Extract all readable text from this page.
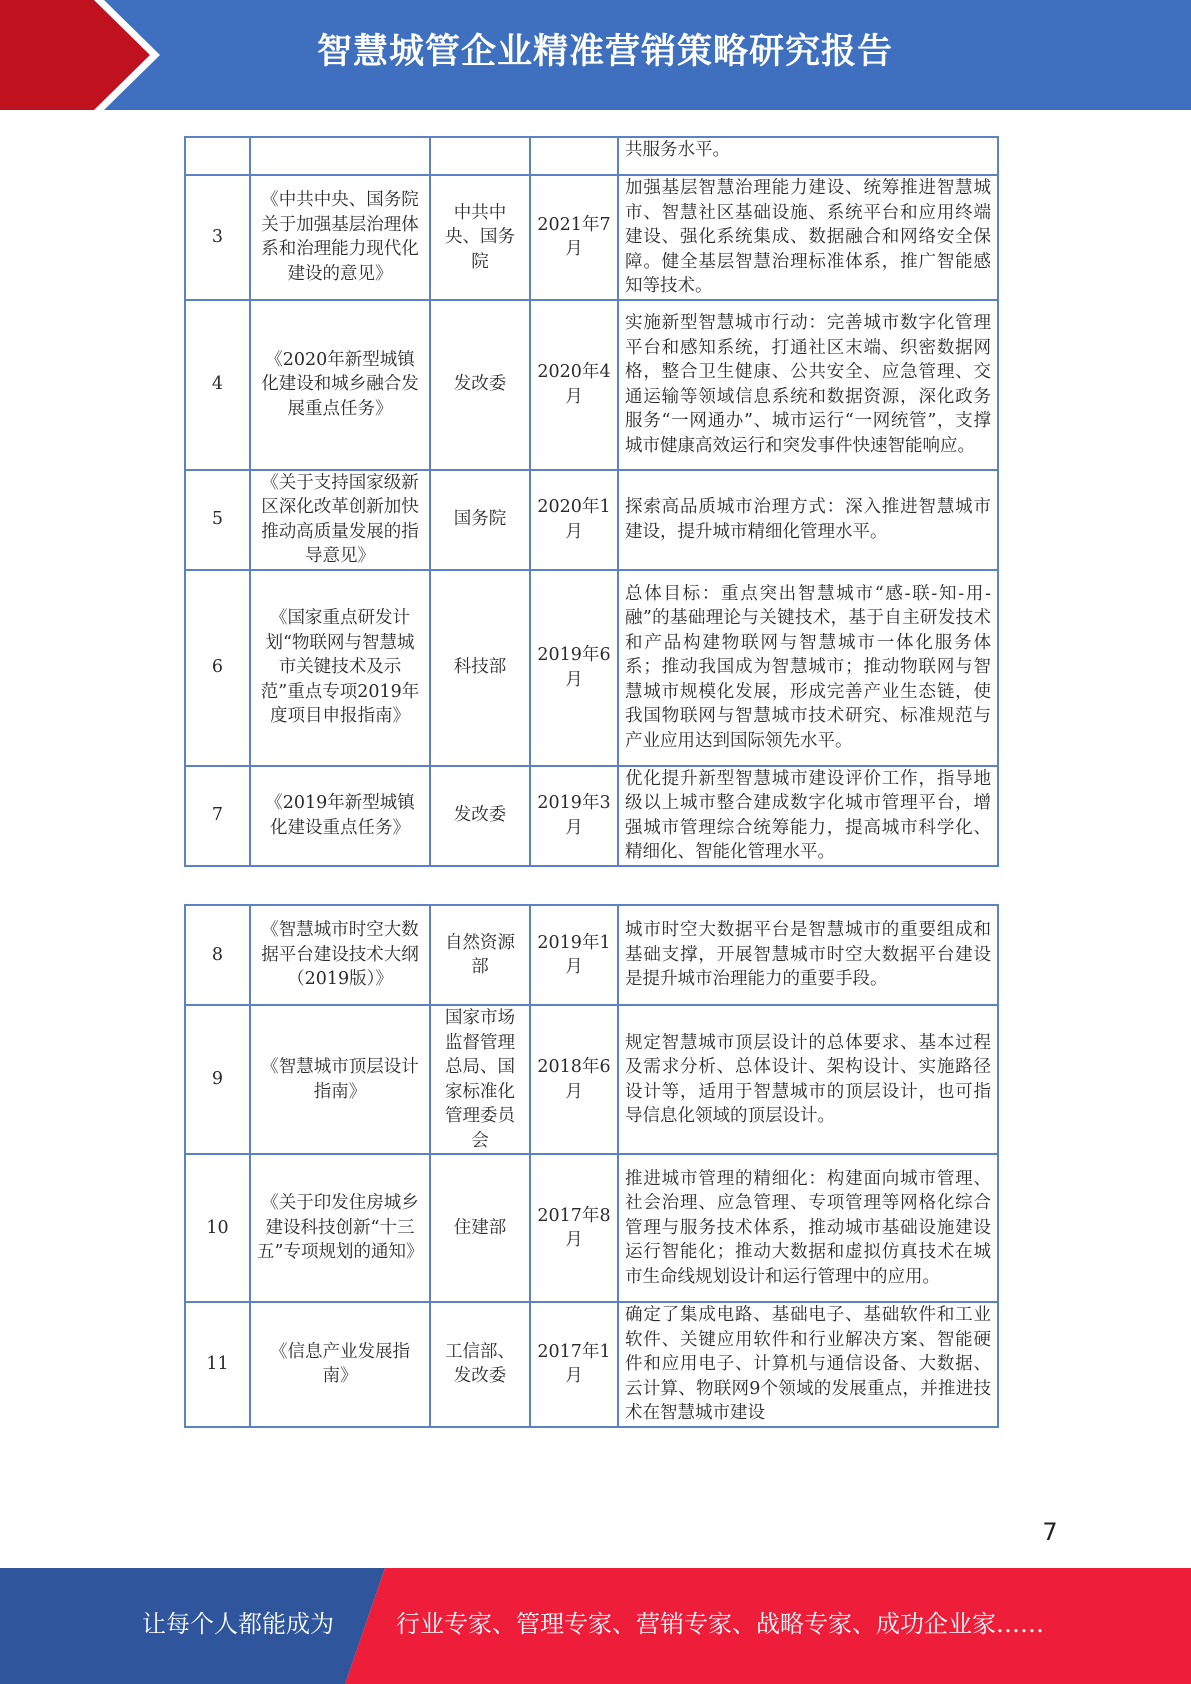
智慧城管企业精准营销策略研究报告
				共服务水平。
3	《中共中央、国务院关于加强基层治理体系和治理能力现代化建设的意见》	中共中央、国务院	2021年7月	加强基层智慧治理能力建设、统筹推进智慧城市、智慧社区基础设施、系统平台和应用终端建设、强化系统集成、数据融合和网络安全保障。健全基层智慧治理标准体系，推广智能感知等技术。
4	《2020年新型城镇化建设和城乡融合发展重点任务》	发改委	2020年4月	实施新型智慧城市行动：完善城市数字化管理平台和感知系统，打通社区末端、织密数据网格，整合卫生健康、公共安全、应急管理、交通运输等领域信息系统和数据资源，深化政务服务“一网通办”、城市运行“一网统管”，支撑城市健康高效运行和突发事件快速智能响应。
5	《关于支持国家级新区深化改革创新加快推动高质量发展的指导意见》	国务院	2020年1月	探索高品质城市治理方式：深入推进智慧城市建设，提升城市精细化管理水平。
6	《国家重点研发计划“物联网与智慧城市关键技术及示范”重点专项2019年度项目申报指南》	科技部	2019年6月	总体目标：重点突出智慧城市“感-联-知-用-融”的基础理论与关键技术，基于自主研发技术和产品构建物联网与智慧城市一体化服务体系；推动我国成为智慧城市；推动物联网与智慧城市规模化发展，形成完善产业生态链，使我国物联网与智慧城市技术研究、标准规范与产业应用达到国际领先水平。
7	《2019年新型城镇化建设重点任务》	发改委	2019年3月	优化提升新型智慧城市建设评价工作，指导地级以上城市整合建成数字化城市管理平台，增强城市管理综合统筹能力，提高城市科学化、精细化、智能化管理水平。
8	《智慧城市时空大数据平台建设技术大纲（2019版）》	自然资源部	2019年1月	城市时空大数据平台是智慧城市的重要组成和基础支撑，开展智慧城市时空大数据平台建设是提升城市治理能力的重要手段。
9	《智慧城市顶层设计指南》	国家市场监督管理总局、国家标准化管理委员会	2018年6月	规定智慧城市顶层设计的总体要求、基本过程及需求分析、总体设计、架构设计、实施路径设计等，适用于智慧城市的顶层设计，也可指导信息化领域的顶层设计。
10	《关于印发住房城乡建设科技创新“十三五”专项规划的通知》	住建部	2017年8月	推进城市管理的精细化：构建面向城市管理、社会治理、应急管理、专项管理等网格化综合管理与服务技术体系，推动城市基础设施建设运行智能化；推动大数据和虚拟仿真技术在城市生命线规划设计和运行管理中的应用。
11	《信息产业发展指南》	工信部、发改委	2017年1月	确定了集成电路、基础电子、基础软件和工业软件、关键应用软件和行业解决方案、智能硬件和应用电子、计算机与通信设备、大数据、云计算、物联网9个领域的发展重点，并推进技术在智慧城市建设
7
让每个人都能成为	行业专家、管理专家、营销专家、战略专家、成功企业家……
